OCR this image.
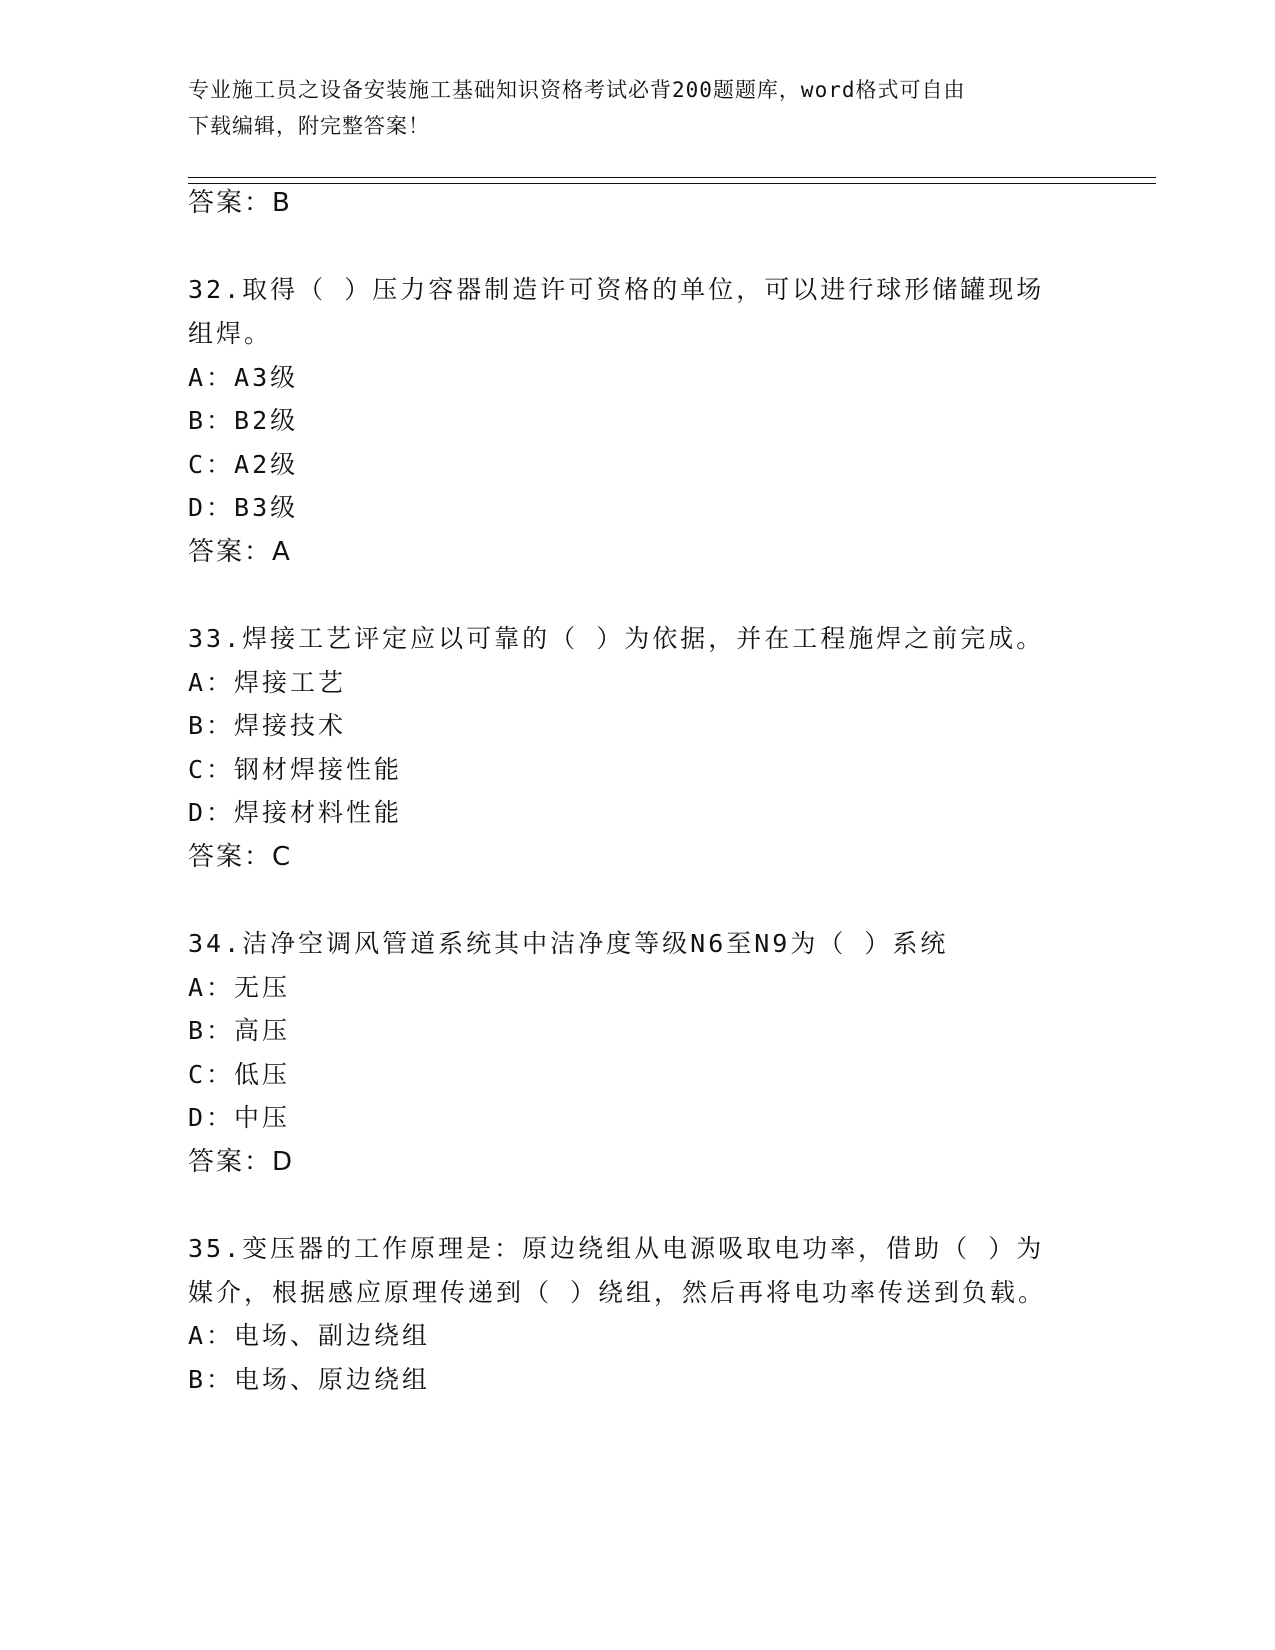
专业施工员之设备安装施工基础知识资格考试必背200题题库，word格式可自由
下载编辑，附完整答案！
答案：B
32.取得（ ）压力容器制造许可资格的单位，可以进行球形储罐现场
组焊。
A：A3级
B：B2级
C：A2级
D：B3级
答案：A
33.焊接工艺评定应以可靠的（ ）为依据，并在工程施焊之前完成。
A：焊接工艺
B：焊接技术
C：钢材焊接性能
D：焊接材料性能
答案：C
34.洁净空调风管道系统其中洁净度等级N6至N9为（ ）系统
A：无压
B：高压
C：低压
D：中压
答案：D
35.变压器的工作原理是：原边绕组从电源吸取电功率，借助（ ）为
媒介，根据感应原理传递到（ ）绕组，然后再将电功率传送到负载。
A：电场、副边绕组
B：电场、原边绕组
